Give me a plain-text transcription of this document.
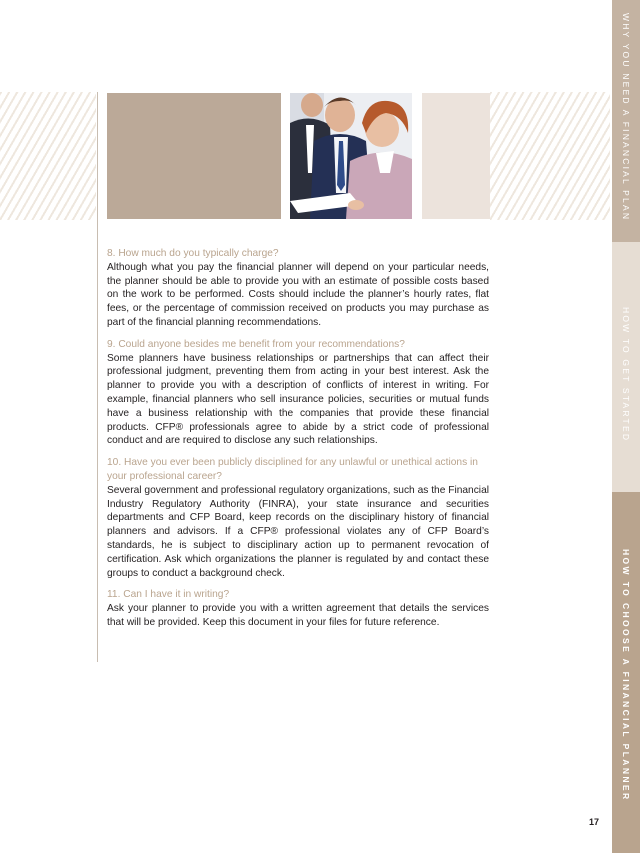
8. How much do you typically charge?

Although what you pay the financial planner will depend on your particular needs, the planner should be able to provide you with an estimate of possible costs based on the work to be performed. Costs should include the planner’s hourly rates, flat fees, or the percentage of commission received on products you may purchase as part of the financial planning recommendations.

9. Could anyone besides me benefit from your recommendations?

Some planners have business relationships or partnerships that can affect their professional judgment, preventing them from acting in your best interest. Ask the planner to provide you with a description of conflicts of interest in writing. For example, financial planners who sell insurance policies, securities or mutual funds have a business relationship with the companies that provide these financial products. CFP® professionals agree to abide by a strict code of professional conduct and are required to disclose any such relationships.

10. Have you ever been publicly disciplined for any unlawful or unethical actions in your professional career?

Several government and professional regulatory organizations, such as the Financial Industry Regulatory Authority (FINRA), your state insurance and securities departments and CFP Board, keep records on the disciplinary history of financial planners and advisors. If a CFP® professional violates any of CFP Board’s standards, he is subject to disciplinary action up to permanent revocation of certification. Ask which organizations the planner is regulated by and contact these groups to conduct a background check.

11. Can I have it in writing?

Ask your planner to provide you with a written agreement that details the services that will be provided. Keep this document in your files for future reference.

WHY YOU NEED A FINANCIAL PLAN
HOW TO GET STARTED
HOW TO CHOOSE A FINANCIAL PLANNER
17
